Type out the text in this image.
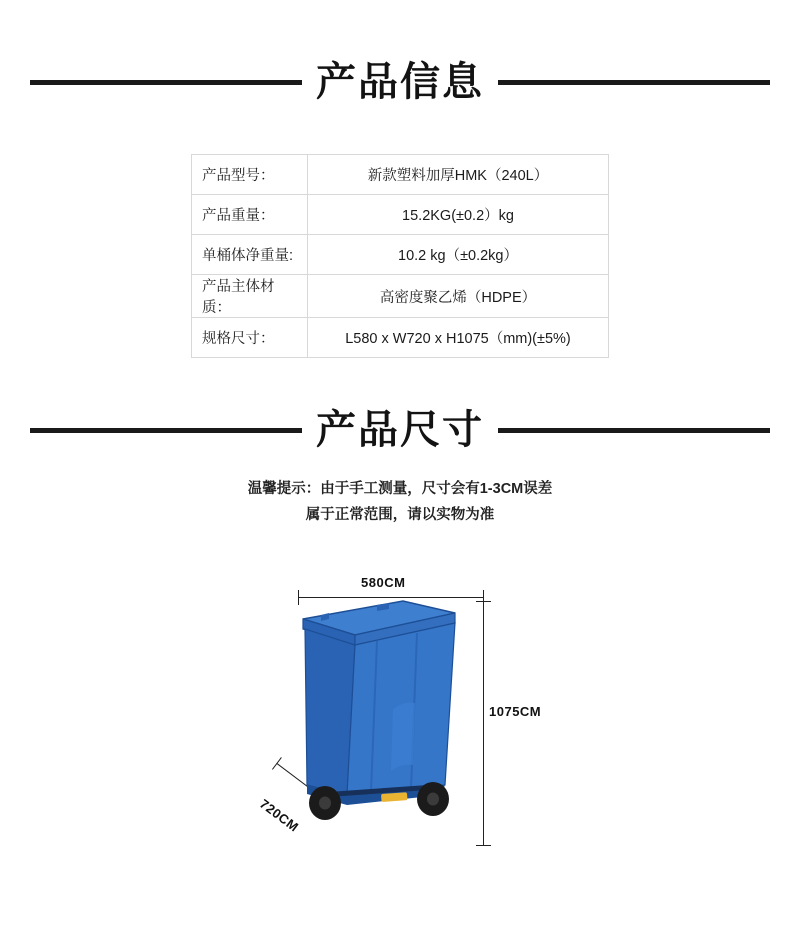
产品信息
产品型号：	新款塑料加厚HMK（240L）
产品重量：	15.2KG(±0.2）kg
单桶体净重量:	10.2 kg（±0.2kg）
产品主体材质：	高密度聚乙烯（HDPE）
规格尺寸：	L580 x W720 x H1075（mm)(±5%)
产品尺寸
温馨提示：由于手工测量，尺寸会有1-3CM误差
属于正常范围，请以实物为准
580CM
1075CM
720CM
